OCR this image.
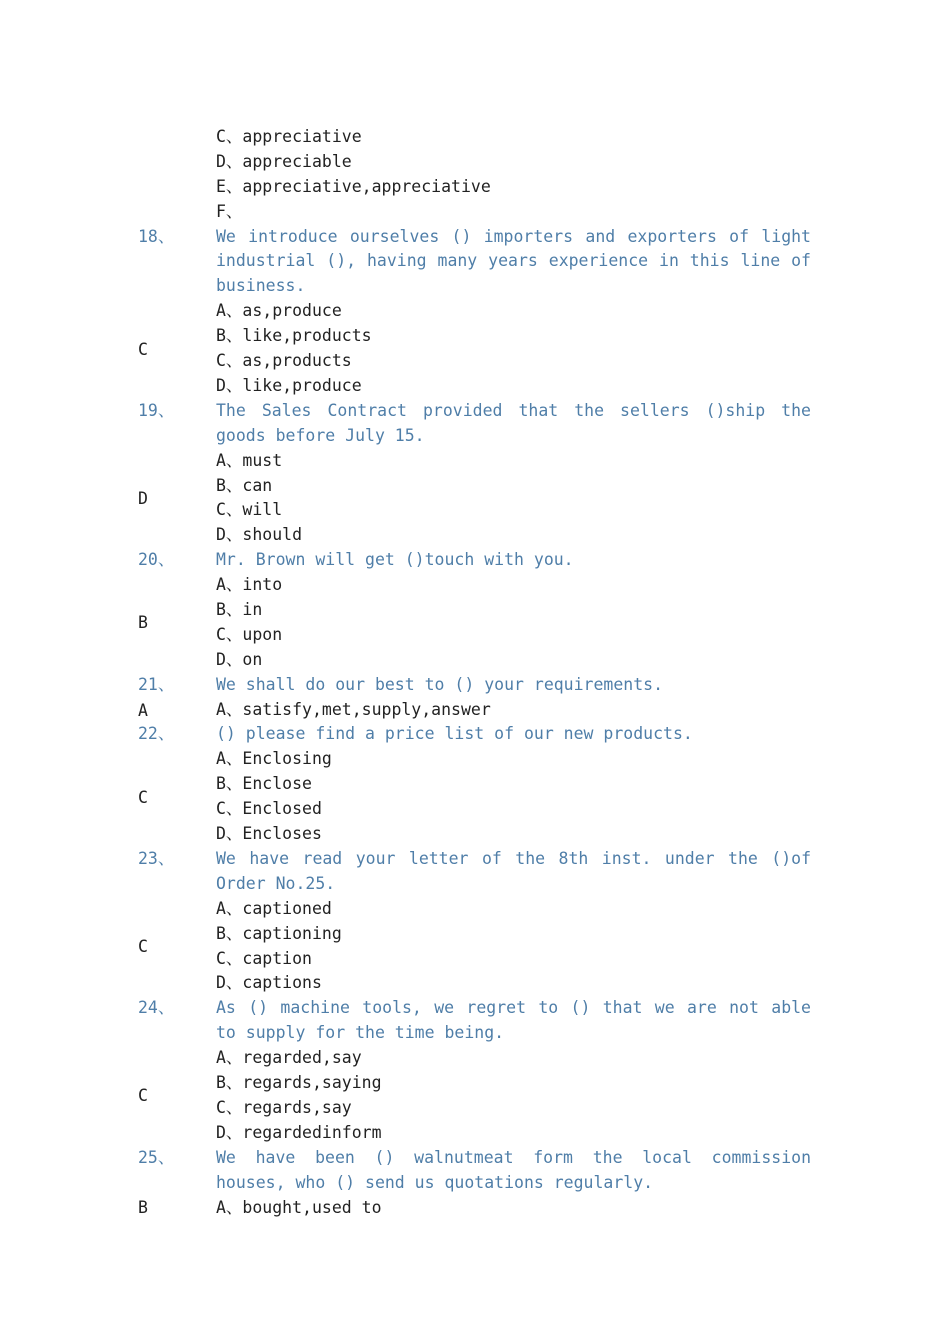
C、appreciative
D、appreciable
E、appreciative,appreciative
F、
18、	We introduce ourselves () importers and exporters of light industrial (), having many years experience in this line of business.
C
A、as,produce
B、like,products
C、as,products
D、like,produce
19、	The Sales Contract provided that the sellers ()ship the goods before July 15.
D
A、must
B、can
C、will
D、should
20、	Mr. Brown will get ()touch with you.
B
A、into
B、in
C、upon
D、on
21、	We shall do our best to () your requirements.
A	A、satisfy,met,supply,answer
22、	() please find a price list of our new products.
C
A、Enclosing
B、Enclose
C、Enclosed
D、Encloses
23、	We have read your letter of the 8th inst. under the ()of Order No.25.
C
A、captioned
B、captioning
C、caption
D、captions
24、	As () machine tools, we regret to () that we are not able to supply for the time being.
C
A、regarded,say
B、regards,saying
C、regards,say
D、regardedinform
25、	We have been () walnutmeat form the local commission houses, who () send us quotations regularly.
B	A、bought,used to
